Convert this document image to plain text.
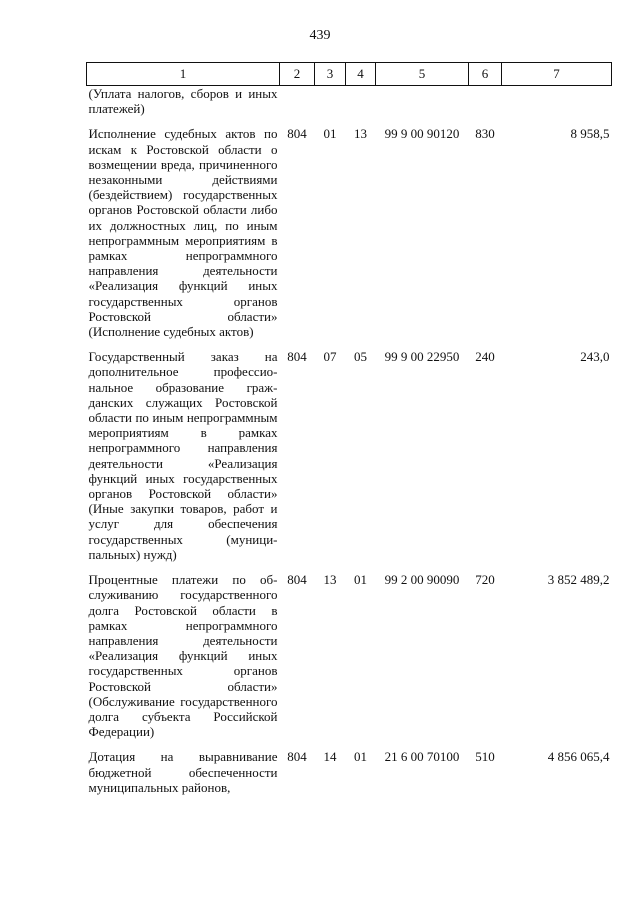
439
1	2	3	4	5	6	7
(Уплата налогов, сборов и иных платежей)						
Исполнение судебных актов по искам к Ростовской области о возмещении вреда, причиненного незаконными действиями (бездействием) государственных органов Ростовской области либо их должностных лиц, по иным непрограммным мероприятиям в рамках непрограммного направления деятельности «Реализация функций иных государственных органов Ростовской области» (Исполнение судебных актов)	804	01	13	99 9 00 90120	830	8 958,5
Государственный заказ на дополнительное профессиональное образование гражданских служащих Ростовской области по иным непрограммным мероприятиям в рамках непрограммного направления деятельности «Реализация функций иных государственных органов Ростовской области» (Иные закупки товаров, работ и услуг для обеспечения государственных (муниципальных) нужд)	804	07	05	99 9 00 22950	240	243,0
Процентные платежи по обслуживанию государственного долга Ростовской области в рамках непрограммного направления деятельности «Реализация функций иных государственных органов Ростовской области» (Обслуживание государственного долга субъекта Российской Федерации)	804	13	01	99 2 00 90090	720	3 852 489,2
Дотация на выравнивание бюджетной обеспеченности муниципальных районов,	804	14	01	21 6 00 70100	510	4 856 065,4
